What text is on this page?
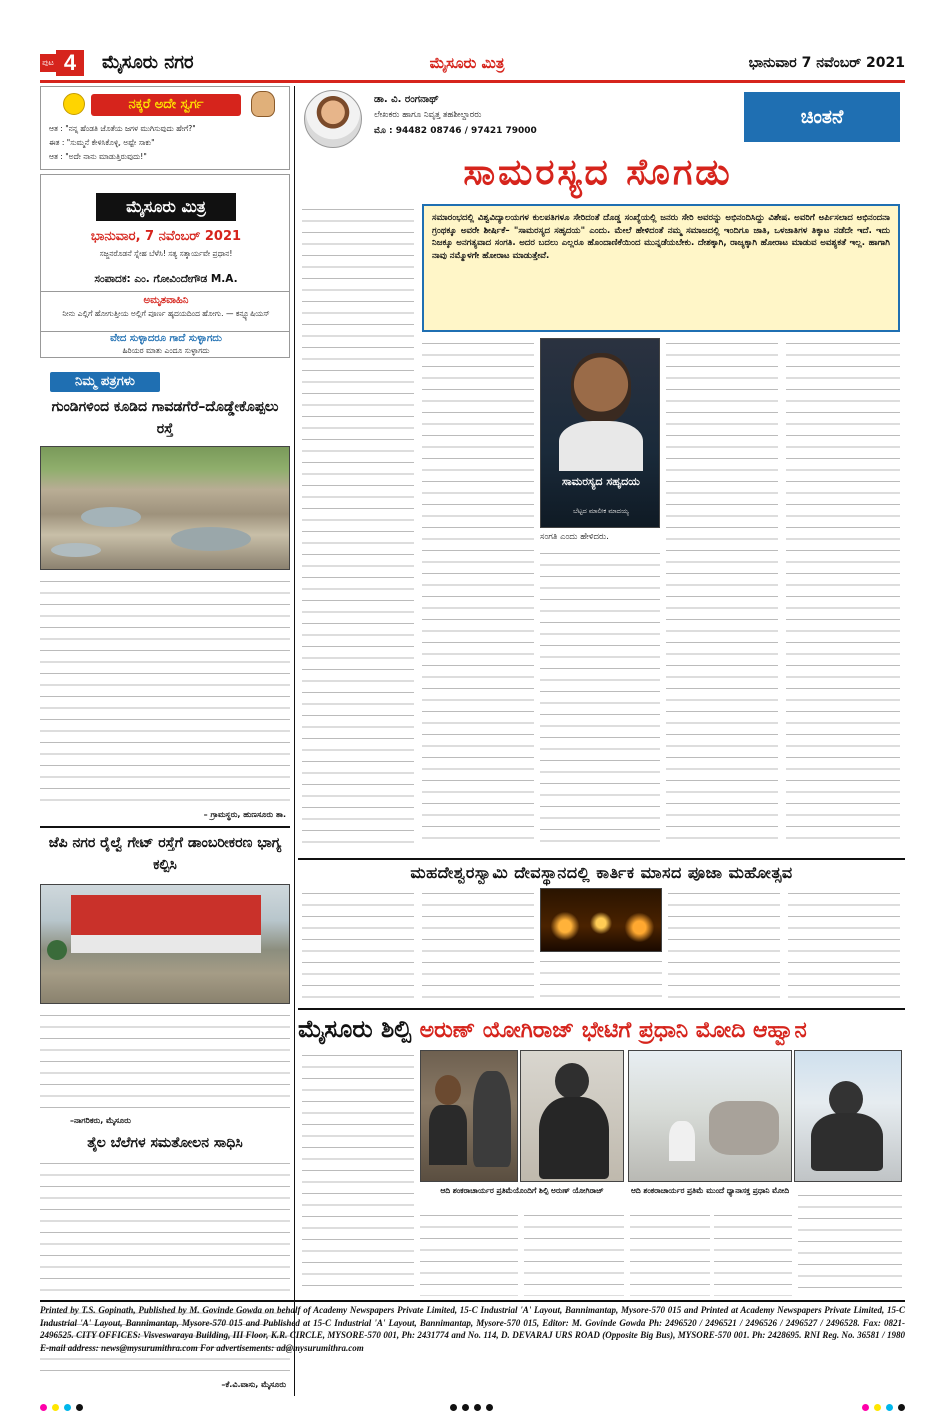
ಪುಟ 4	ಮೈಸೂರು ನಗರ	ಮೈಸೂರು ಮಿತ್ರ	ಭಾನುವಾರ 7 ನವೆಂಬರ್ 2021
ನಕ್ಕರೆ ಅದೇ ಸ್ವರ್ಗ
ಆತ : "ನನ್ನ ಹೆಂಡತಿ ಜೊತೆಯ ಜಗಳ ಮುಗಿಸುವುದು ಹೇಗೆ?"
ಈತ : "ಸುಮ್ಮನೆ ಕೇಳಿಸಿಕೊಳ್ಳಿ, ಅಷ್ಟೇ ಸಾಕು"
ಆತ : "ಅದೇ ನಾನು ಮಾಡುತ್ತಿರುವುದು!"
ಮೈಸೂರು ಮಿತ್ರ
ಭಾನುವಾರ, 7 ನವೆಂಬರ್ 2021
ಸಜ್ಜನರೊಡನೆ ಸ್ನೇಹ ಬೆಳೆಸಿ! ಸತ್ಯ ಸತ್ಕಾರ್ಯವೇ ಪ್ರಧಾನ!
ಸಂಪಾದಕ: ಎಂ. ಗೋವಿಂದೇಗೌಡ M.A.
ಅಮೃತವಾಹಿನಿ
ನೀನು ಎಲ್ಲಿಗೆ ಹೋಗುತ್ತೀಯ ಅಲ್ಲಿಗೆ ಪೂರ್ಣ ಹೃದಯದಿಂದ ಹೋಗು. — ಕನ್ಫ್ಯೂಷಿಯಸ್
ವೇದ ಸುಳ್ಳಾದರೂ ಗಾದೆ ಸುಳ್ಳಾಗದು
ಹಿರಿಯರ ಮಾತು ಎಂದೂ ಸುಳ್ಳಾಗದು
ನಿಮ್ಮ ಪತ್ರಗಳು
ಗುಂಡಿಗಳಿಂದ ಕೂಡಿದ ಗಾವಡಗೆರೆ–ದೊಡ್ಡೇಕೊಪ್ಪಲು ರಸ್ತೆ
– ಗ್ರಾಮಸ್ಥರು, ಹುಣಸೂರು ತಾ.
ಜೆಪಿ ನಗರ ರೈಲ್ವೆ ಗೇಟ್ ರಸ್ತೆಗೆ ಡಾಂಬರೀಕರಣ ಭಾಗ್ಯ ಕಲ್ಪಿಸಿ
–ನಾಗರಿಕರು, ಮೈಸೂರು
ತೈಲ ಬೆಲೆಗಳ ಸಮತೋಲನ ಸಾಧಿಸಿ
–ಕೆ.ವಿ.ವಾಸು, ಮೈಸೂರು
ಡಾ. ವಿ. ರಂಗನಾಥ್
ಲೇಖಕರು ಹಾಗೂ ನಿವೃತ್ತ ತಹಶೀಲ್ದಾರರು
ಮೊ : 94482 08746 / 97421 79000
ಚಿಂತನೆ
ಸಾಮರಸ್ಯದ ಸೊಗಡು
ಸಮಾರಂಭದಲ್ಲಿ ವಿಶ್ವವಿದ್ಯಾಲಯಗಳ ಕುಲಪತಿಗಳೂ ಸೇರಿದಂತೆ ದೊಡ್ಡ ಸಂಖ್ಯೆಯಲ್ಲಿ ಜನರು ಸೇರಿ ಅವರನ್ನು ಅಭಿನಂದಿಸಿದ್ದು ವಿಶೇಷ. ಅವರಿಗೆ ಅರ್ಪಿಸಲಾದ ಅಭಿನಂದನಾ ಗ್ರಂಥಕ್ಕೂ ಅವರೇ ಶೀರ್ಷಿಕೆ– "ಸಾಮರಸ್ಯದ ಸಹೃದಯ" ಎಂದು. ಮೇಲೆ ಹೇಳಿದಂತೆ ನಮ್ಮ ಸಮಾಜದಲ್ಲಿ ಇಂದಿಗೂ ಜಾತಿ, ಒಳಜಾತಿಗಳ ತಿಕ್ಕಾಟ ನಡೆದೇ ಇದೆ. ಇದು ನಿಜಕ್ಕೂ ಅನಗತ್ಯವಾದ ಸಂಗತಿ. ಅದರ ಬದಲು ಎಲ್ಲರೂ ಹೊಂದಾಣಿಕೆಯಿಂದ ಮುನ್ನಡೆಯಬೇಕು. ದೇಶಕ್ಕಾಗಿ, ರಾಜ್ಯಕ್ಕಾಗಿ ಹೋರಾಟ ಮಾಡುವ ಅವಶ್ಯಕತೆ ಇಲ್ಲ. ಹಾಗಾಗಿ ನಾವು ನಮ್ಮೊಳಗೇ ಹೋರಾಟ ಮಾಡುತ್ತೇವೆ.
ಸಾಮರಸ್ಯದ ಸಹೃದಯ
ಬೆಟ್ಟದ ಮಾಲೀಕ ಮಾದಯ್ಯ
ಸಂಗತಿ ಎಂದು ಹೇಳಿದರು.
ಮಹದೇಶ್ವರಸ್ವಾಮಿ ದೇವಸ್ಥಾನದಲ್ಲಿ ಕಾರ್ತಿಕ ಮಾಸದ ಪೂಜಾ ಮಹೋತ್ಸವ
ಮೈಸೂರು ಶಿಲ್ಪಿ ಅರುಣ್ ಯೋಗಿರಾಜ್ ಭೇಟಿಗೆ ಪ್ರಧಾನಿ ಮೋದಿ ಆಹ್ವಾನ
ಆದಿ ಶಂಕರಾಚಾರ್ಯರ ಪ್ರತಿಮೆಯೊಂದಿಗೆ ಶಿಲ್ಪಿ ಅರುಣ್ ಯೋಗಿರಾಜ್	ಆದಿ ಶಂಕರಾಚಾರ್ಯರ ಪ್ರತಿಮೆ ಮುಂದೆ ಧ್ಯಾನಾಸಕ್ತ ಪ್ರಧಾನಿ ಮೋದಿ
Printed by T.S. Gopinath, Published by M. Govinde Gowda on behalf of Academy Newspapers Private Limited, 15-C Industrial 'A' Layout, Bannimantap, Mysore-570 015 and Printed at Academy Newspapers Private Limited, 15-C Industrial 'A' Layout, Bannimantap, Mysore-570 015 and Published at 15-C Industrial 'A' Layout, Bannimantap, Mysore-570 015, Editor: M. Govinde Gowda Ph: 2496520 / 2496521 / 2496526 / 2496527 / 2496528. Fax: 0821-2496525. CITY OFFICES: Visveswaraya Building, III Floor, K.R. CIRCLE, MYSORE-570 001, Ph: 2431774 and No. 114, D. DEVARAJ URS ROAD (Opposite Big Bus), MYSORE-570 001. Ph: 2428695. RNI Reg. No. 36581 / 1980 E-mail address: news@mysurumithra.com For advertisements: ad@mysurumithra.com
